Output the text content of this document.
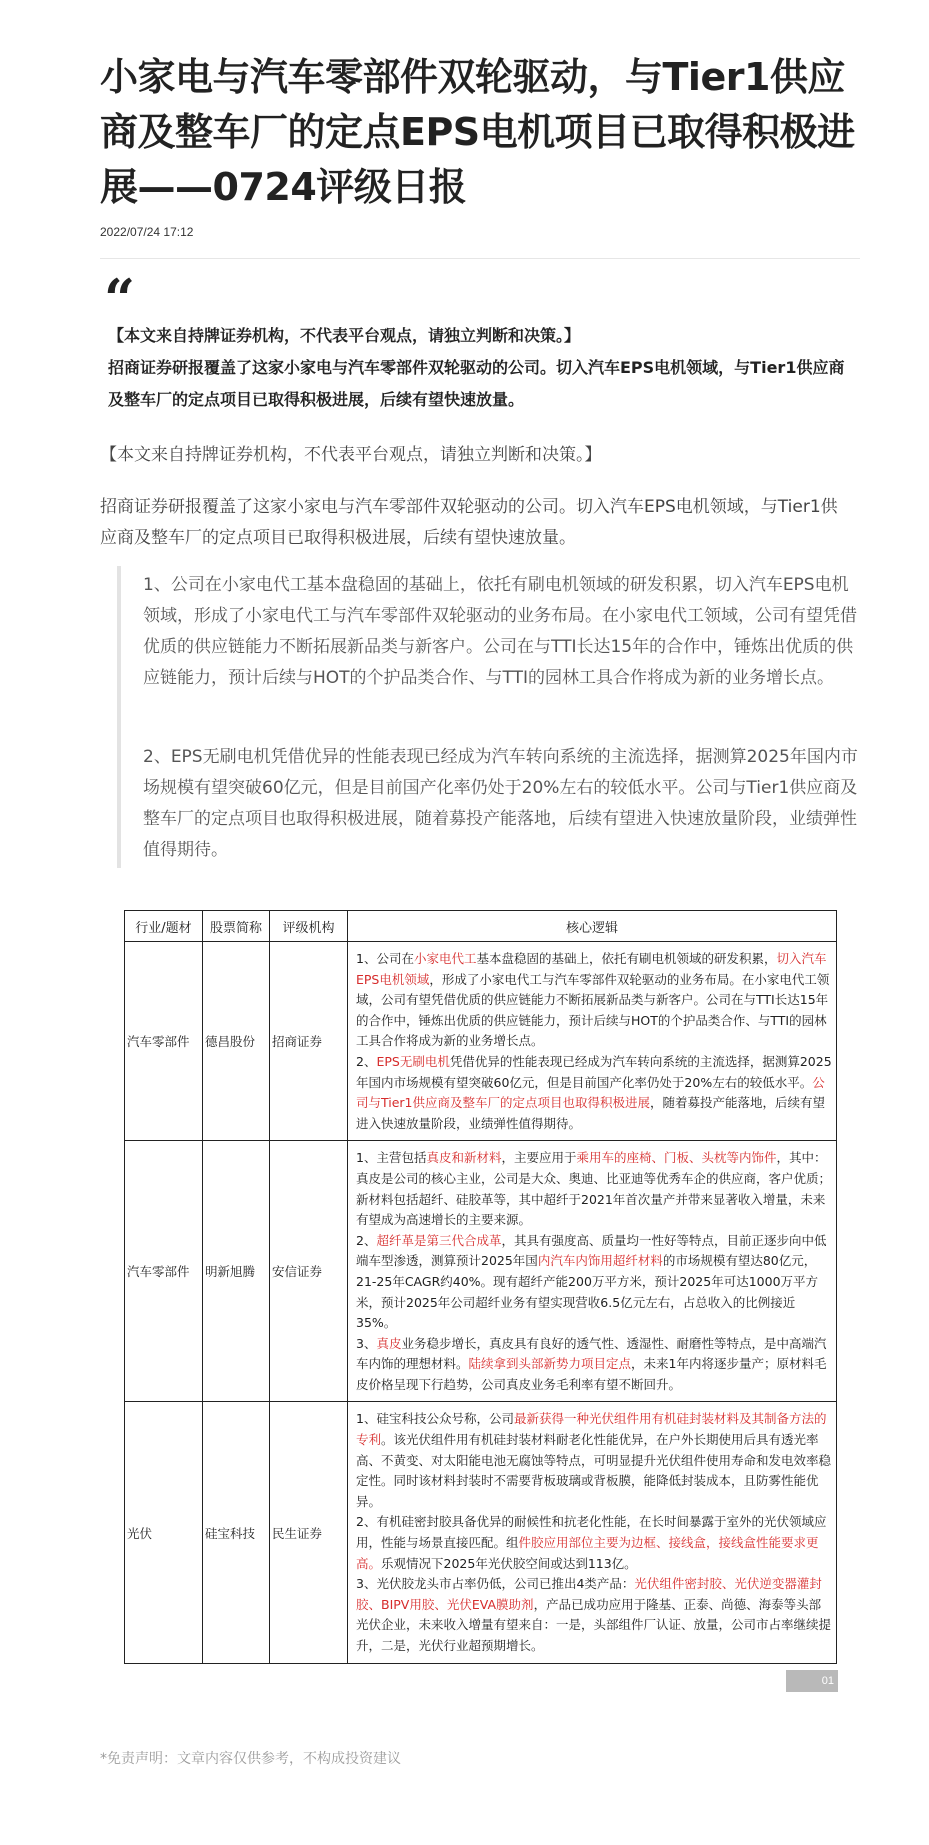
小家电与汽车零部件双轮驱动，与Tier1供应商及整车厂的定点EPS电机项目已取得积极进展——0724评级日报
2022/07/24 17:12
“

【本文来自持牌证券机构，不代表平台观点，请独立判断和决策。】

招商证券研报覆盖了这家小家电与汽车零部件双轮驱动的公司。切入汽车EPS电机领域，与Tier1供应商及整车厂的定点项目已取得积极进展，后续有望快速放量。

【本文来自持牌证券机构，不代表平台观点，请独立判断和决策。】

招商证券研报覆盖了这家小家电与汽车零部件双轮驱动的公司。切入汽车EPS电机领域，与Tier1供应商及整车厂的定点项目已取得积极进展，后续有望快速放量。

1、公司在小家电代工基本盘稳固的基础上，依托有刷电机领域的研发积累，切入汽车EPS电机领域，形成了小家电代工与汽车零部件双轮驱动的业务布局。在小家电代工领域，公司有望凭借优质的供应链能力不断拓展新品类与新客户。公司在与TTI长达15年的合作中，锤炼出优质的供应链能力，预计后续与HOT的个护品类合作、与TTI的园林工具合作将成为新的业务增长点。

2、EPS无刷电机凭借优异的性能表现已经成为汽车转向系统的主流选择，据测算2025年国内市场规模有望突破60亿元，但是目前国产化率仍处于20%左右的较低水平。公司与Tier1供应商及整车厂的定点项目也取得积极进展，随着募投产能落地，后续有望进入快速放量阶段，业绩弹性值得期待。

行业/题材	股票简称	评级机构	核心逻辑
汽车零部件	德昌股份	招商证券	1、公司在小家电代工基本盘稳固的基础上，依托有刷电机领域的研发积累，切入汽车EPS电机领域，形成了小家电代工与汽车零部件双轮驱动的业务布局。在小家电代工领域，公司有望凭借优质的供应链能力不断拓展新品类与新客户。公司在与TTI长达15年的合作中，锤炼出优质的供应链能力，预计后续与HOT的个护品类合作、与TTI的园林工具合作将成为新的业务增长点。
2、EPS无刷电机凭借优异的性能表现已经成为汽车转向系统的主流选择，据测算2025年国内市场规模有望突破60亿元，但是目前国产化率仍处于20%左右的较低水平。公司与Tier1供应商及整车厂的定点项目也取得积极进展，随着募投产能落地，后续有望进入快速放量阶段，业绩弹性值得期待。
汽车零部件	明新旭腾	安信证券	1、主营包括真皮和新材料，主要应用于乘用车的座椅、门板、头枕等内饰件，其中：真皮是公司的核心主业，公司是大众、奥迪、比亚迪等优秀车企的供应商，客户优质；新材料包括超纤、硅胶革等，其中超纤于2021年首次量产并带来显著收入增量，未来有望成为高速增长的主要来源。
2、超纤革是第三代合成革，其具有强度高、质量均一性好等特点，目前正逐步向中低端车型渗透，测算预计2025年国内汽车内饰用超纤材料的市场规模有望达80亿元，21-25年CAGR约40%。现有超纤产能200万平方米，预计2025年可达1000万平方米，预计2025年公司超纤业务有望实现营收6.5亿元左右，占总收入的比例接近35%。
3、真皮业务稳步增长，真皮具有良好的透气性、透湿性、耐磨性等特点，是中高端汽车内饰的理想材料。陆续拿到头部新势力项目定点，未来1年内将逐步量产；原材料毛皮价格呈现下行趋势，公司真皮业务毛利率有望不断回升。
光伏	硅宝科技	民生证券	1、硅宝科技公众号称，公司最新获得一种光伏组件用有机硅封装材料及其制备方法的专利。该光伏组件用有机硅封装材料耐老化性能优异，在户外长期使用后具有透光率高、不黄变、对太阳能电池无腐蚀等特点，可明显提升光伏组件使用寿命和发电效率稳定性。同时该材料封装时不需要背板玻璃或背板膜，能降低封装成本，且防雾性能优异。
2、有机硅密封胶具备优异的耐候性和抗老化性能，在长时间暴露于室外的光伏领域应用，性能与场景直接匹配。组件胶应用部位主要为边框、接线盒，接线盒性能要求更高。乐观情况下2025年光伏胶空间或达到113亿。
3、光伏胶龙头市占率仍低，公司已推出4类产品：光伏组件密封胶、光伏逆变器灌封胶、BIPV用胶、光伏EVA膜助剂，产品已成功应用于隆基、正泰、尚德、海泰等头部光伏企业，未来收入增量有望来自：一是，头部组件厂认证、放量，公司市占率继续提升，二是，光伏行业超预期增长。
01
*免责声明：文章内容仅供参考，不构成投资建议
